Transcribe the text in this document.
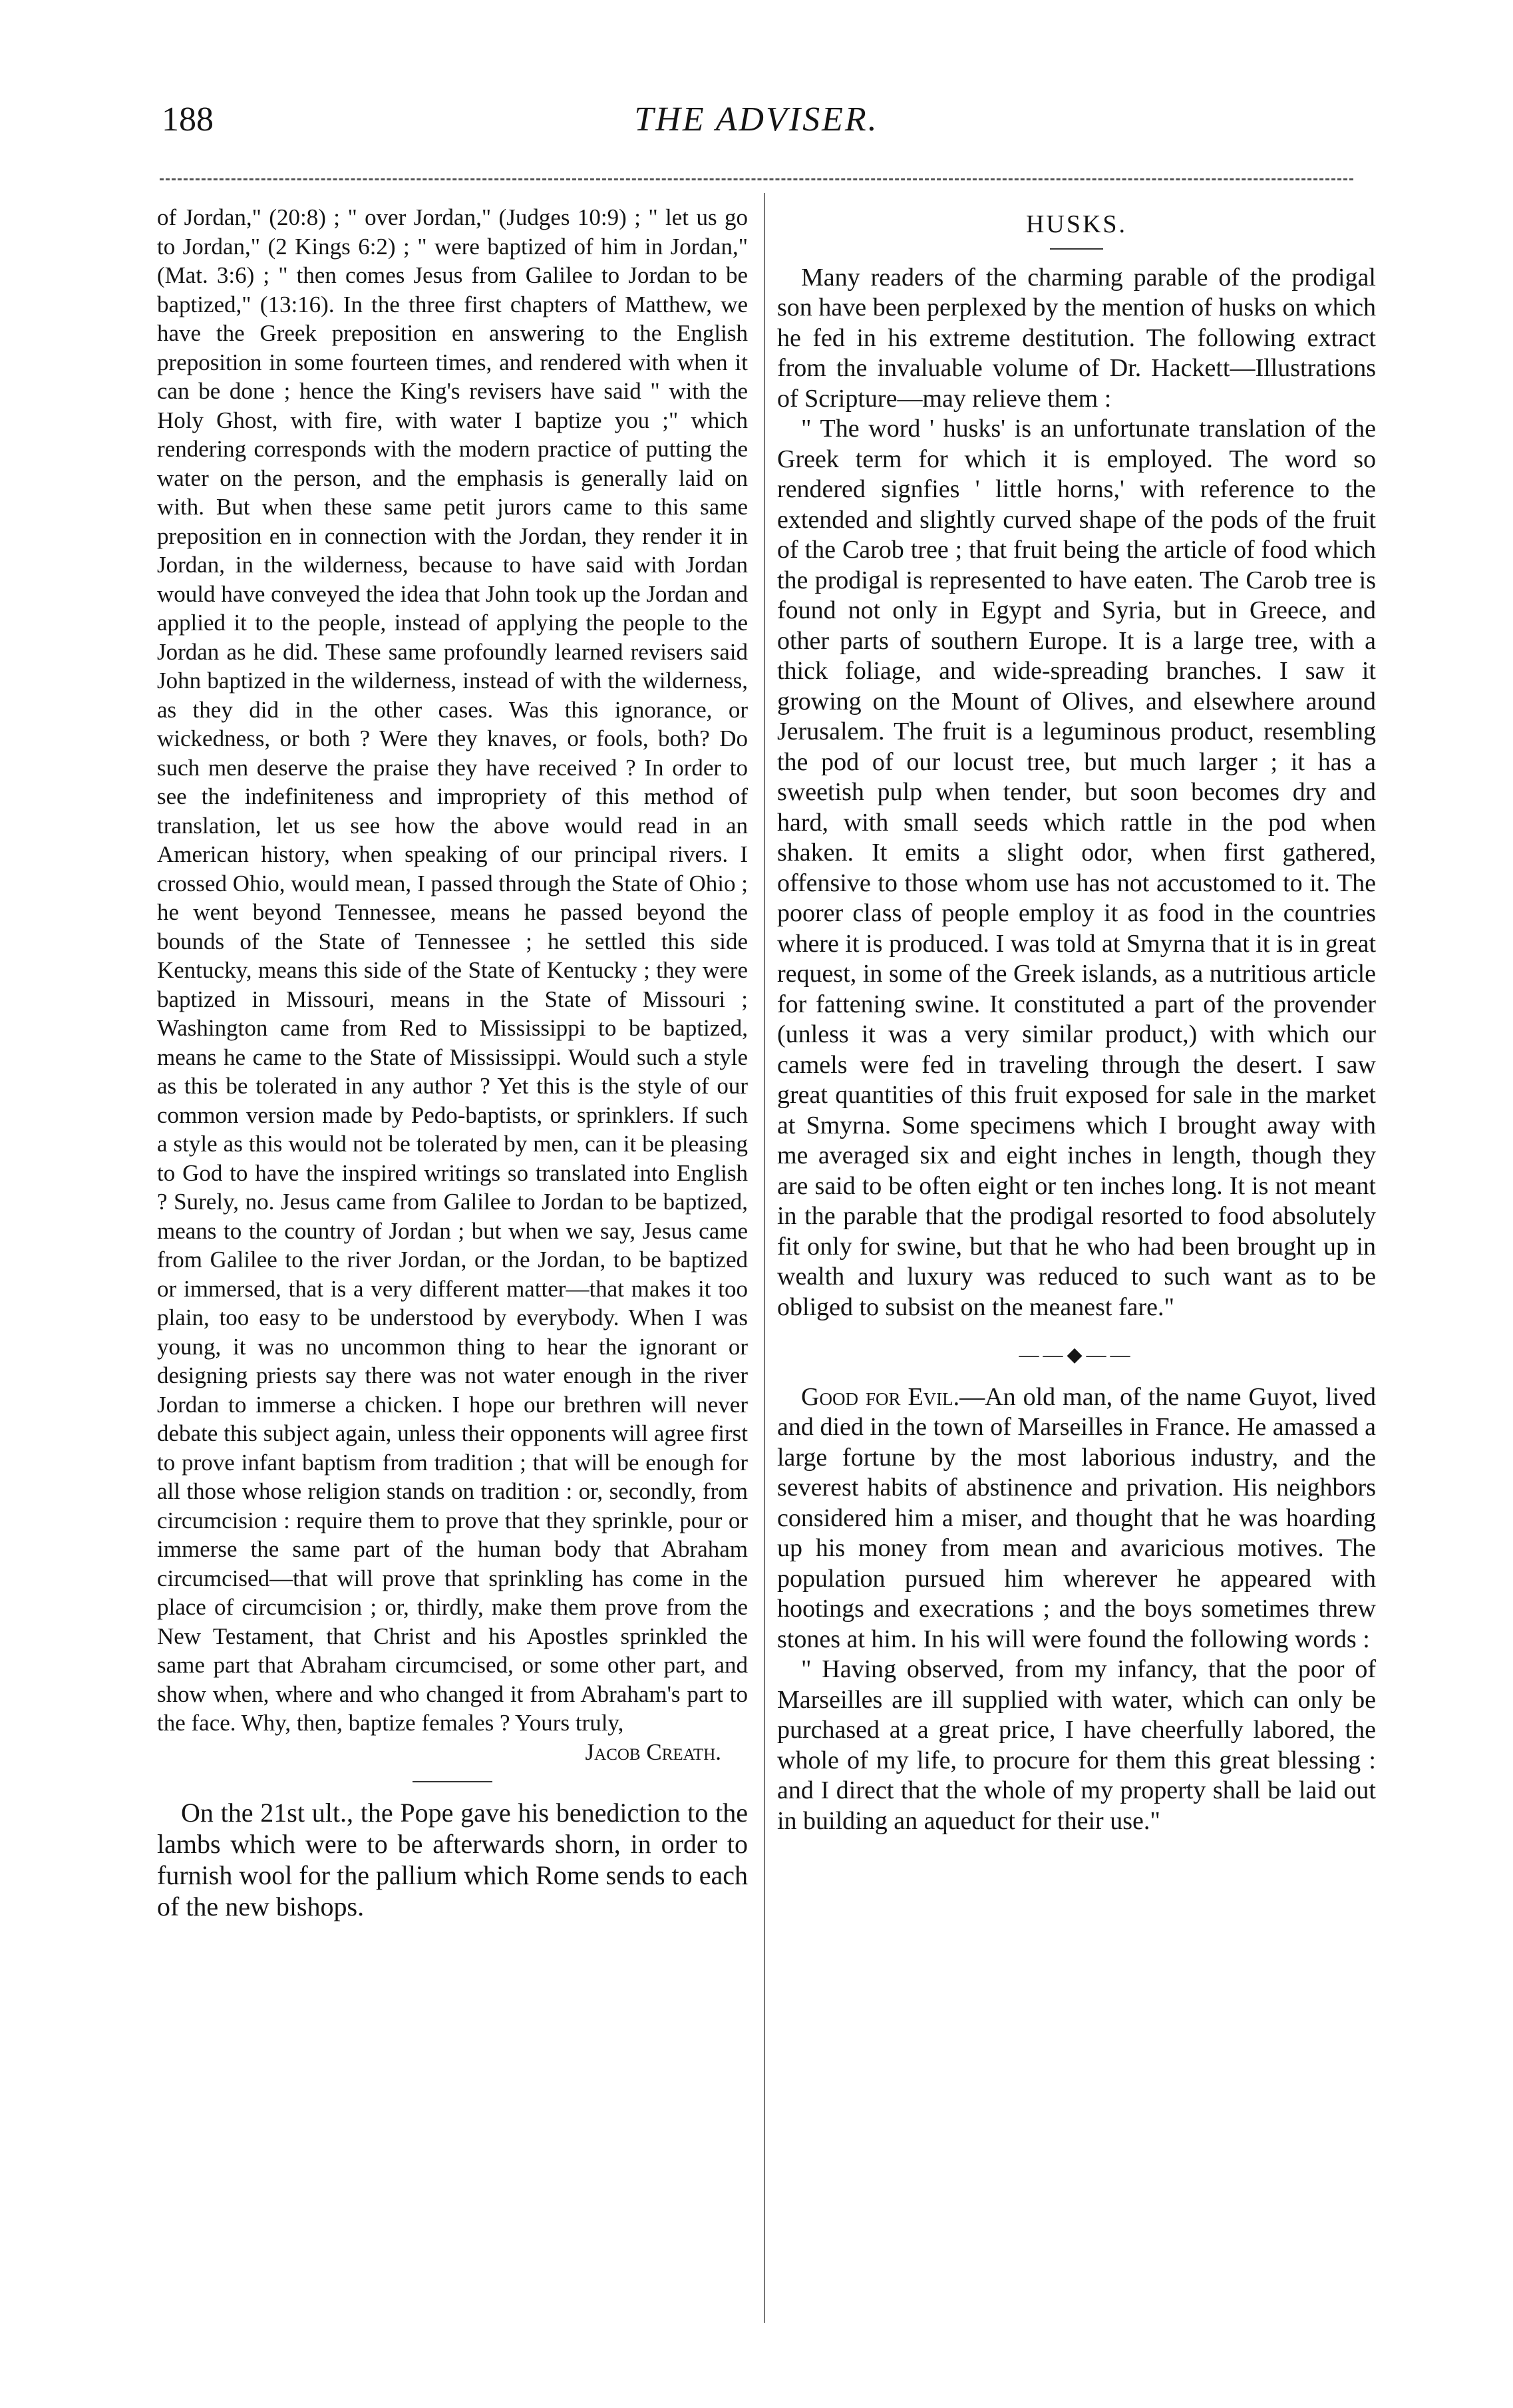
188	THE ADVISER.

of Jordan," (20:8) ; " over Jordan," (Judges 10:9) ; " let us go to Jordan," (2 Kings 6:2) ; " were baptized of him in Jordan," (Mat. 3:6) ; " then comes Jesus from Galilee to Jordan to be baptized," (13:16). In the three first chapters of Matthew, we have the Greek preposition en answering to the English preposition in some fourteen times, and rendered with when it can be done ; hence the King's revisers have said " with the Holy Ghost, with fire, with water I baptize you ;" which rendering corresponds with the modern practice of putting the water on the person, and the emphasis is generally laid on with. But when these same petit jurors came to this same preposition en in connection with the Jordan, they render it in Jordan, in the wilderness, because to have said with Jordan would have conveyed the idea that John took up the Jordan and applied it to the people, instead of applying the people to the Jordan as he did. These same profoundly learned revisers said John baptized in the wilderness, instead of with the wilderness, as they did in the other cases. Was this ignorance, or wickedness, or both ? Were they knaves, or fools, both? Do such men deserve the praise they have received ? In order to see the indefiniteness and impropriety of this method of translation, let us see how the above would read in an American history, when speaking of our principal rivers. I crossed Ohio, would mean, I passed through the State of Ohio ; he went beyond Tennessee, means he passed beyond the bounds of the State of Tennessee ; he settled this side Kentucky, means this side of the State of Kentucky ; they were baptized in Missouri, means in the State of Missouri ; Washington came from Red to Mississippi to be baptized, means he came to the State of Mississippi. Would such a style as this be tolerated in any author ? Yet this is the style of our common version made by Pedo-baptists, or sprinklers. If such a style as this would not be tolerated by men, can it be pleasing to God to have the inspired writings so translated into English ? Surely, no. Jesus came from Galilee to Jordan to be baptized, means to the country of Jordan ; but when we say, Jesus came from Galilee to the river Jordan, or the Jordan, to be baptized or immersed, that is a very different matter—that makes it too plain, too easy to be understood by everybody. When I was young, it was no uncommon thing to hear the ignorant or designing priests say there was not water enough in the river Jordan to immerse a chicken. I hope our brethren will never debate this subject again, unless their opponents will agree first to prove infant baptism from tradition ; that will be enough for all those whose religion stands on tradition : or, secondly, from circumcision : require them to prove that they sprinkle, pour or immerse the same part of the human body that Abraham circumcised—that will prove that sprinkling has come in the place of circumcision ; or, thirdly, make them prove from the New Testament, that Christ and his Apostles sprinkled the same part that Abraham circumcised, or some other part, and show when, where and who changed it from Abraham's part to the face. Why, then, baptize females ? Yours truly,

Jacob Creath.

On the 21st ult., the Pope gave his benediction to the lambs which were to be afterwards shorn, in order to furnish wool for the pallium which Rome sends to each of the new bishops.

HUSKS.

Many readers of the charming parable of the prodigal son have been perplexed by the mention of husks on which he fed in his extreme destitution. The following extract from the invaluable volume of Dr. Hackett—Illustrations of Scripture—may relieve them :

" The word ' husks' is an unfortunate translation of the Greek term for which it is employed. The word so rendered signfies ' little horns,' with reference to the extended and slightly curved shape of the pods of the fruit of the Carob tree ; that fruit being the article of food which the prodigal is represented to have eaten. The Carob tree is found not only in Egypt and Syria, but in Greece, and other parts of southern Europe. It is a large tree, with a thick foliage, and wide-spreading branches. I saw it growing on the Mount of Olives, and elsewhere around Jerusalem. The fruit is a leguminous product, resembling the pod of our locust tree, but much larger ; it has a sweetish pulp when tender, but soon becomes dry and hard, with small seeds which rattle in the pod when shaken. It emits a slight odor, when first gathered, offensive to those whom use has not accustomed to it. The poorer class of people employ it as food in the countries where it is produced. I was told at Smyrna that it is in great request, in some of the Greek islands, as a nutritious article for fattening swine. It constituted a part of the provender (unless it was a very similar product,) with which our camels were fed in traveling through the desert. I saw great quantities of this fruit exposed for sale in the market at Smyrna. Some specimens which I brought away with me averaged six and eight inches in length, though they are said to be often eight or ten inches long. It is not meant in the parable that the prodigal resorted to food absolutely fit only for swine, but that he who had been brought up in wealth and luxury was reduced to such want as to be obliged to subsist on the meanest fare."

——◆——

Good for Evil.—An old man, of the name Guyot, lived and died in the town of Marseilles in France. He amassed a large fortune by the most laborious industry, and the severest habits of abstinence and privation. His neighbors considered him a miser, and thought that he was hoarding up his money from mean and avaricious motives. The population pursued him wherever he appeared with hootings and execrations ; and the boys sometimes threw stones at him. In his will were found the following words :

" Having observed, from my infancy, that the poor of Marseilles are ill supplied with water, which can only be purchased at a great price, I have cheerfully labored, the whole of my life, to procure for them this great blessing : and I direct that the whole of my property shall be laid out in building an aqueduct for their use."
